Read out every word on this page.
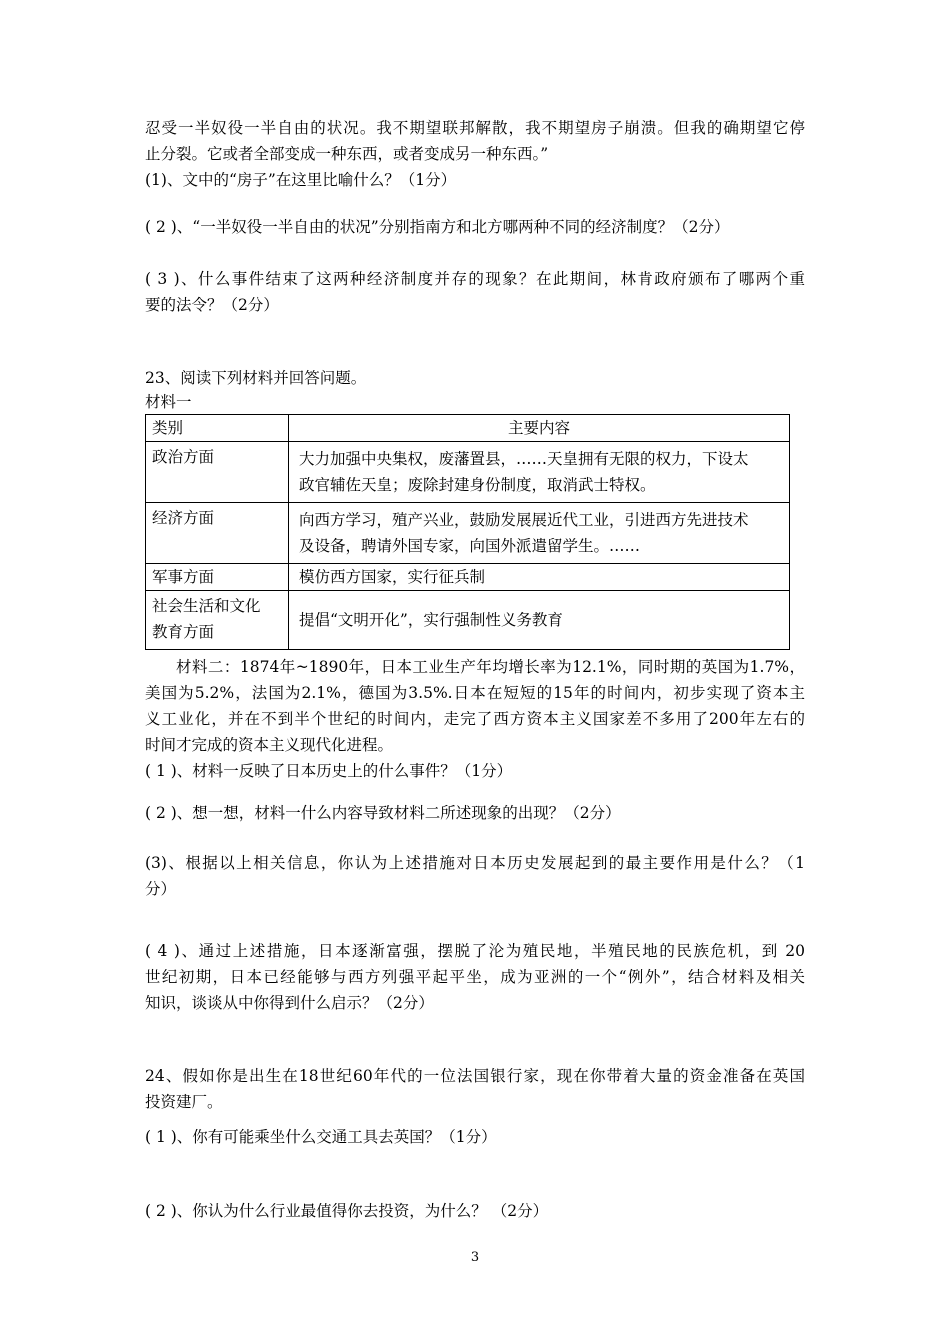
忍受一半奴役一半自由的状况。我不期望联邦解散，我不期望房子崩溃。但我的确期望它停
止分裂。它或者全部变成一种东西，或者变成另一种东西。”
(1)、文中的“房子”在这里比喻什么？（1分）
( 2 )、“一半奴役一半自由的状况”分别指南方和北方哪两种不同的经济制度？（2分）
( 3 )、什么事件结束了这两种经济制度并存的现象？在此期间，林肯政府颁布了哪两个重
要的法令？（2分）
23、阅读下列材料并回答问题。
材料一
类别	主要内容
政治方面	大力加强中央集权，废藩置县，……天皇拥有无限的权力，下设太
政官辅佐天皇；废除封建身份制度，取消武士特权。

经济方面	向西方学习，殖产兴业，鼓励发展展近代工业，引进西方先进技术
及设备，聘请外国专家，向国外派遣留学生。……

军事方面	模仿西方国家，实行征兵制

社会生活和文化
教育方面	提倡“文明开化”，实行强制性义务教育
材料二：1874年~1890年，日本工业生产年均增长率为12.1%，同时期的英国为1.7%，
美国为5.2%，法国为2.1%，德国为3.5%.日本在短短的15年的时间内，初步实现了资本主
义工业化，并在不到半个世纪的时间内，走完了西方资本主义国家差不多用了200年左右的
时间才完成的资本主义现代化进程。
( 1 )、材料一反映了日本历史上的什么事件？（1分）
( 2 )、想一想，材料一什么内容导致材料二所述现象的出现？（2分）
(3)、根据以上相关信息，你认为上述措施对日本历史发展起到的最主要作用是什么？（1
分）
( 4 )、通过上述措施，日本逐渐富强，摆脱了沦为殖民地，半殖民地的民族危机，到 20
世纪初期，日本已经能够与西方列强平起平坐，成为亚洲的一个“例外”，结合材料及相关
知识，谈谈从中你得到什么启示？（2分）
24、假如你是出生在18世纪60年代的一位法国银行家，现在你带着大量的资金准备在英国
投资建厂。
( 1 )、你有可能乘坐什么交通工具去英国？（1分）
( 2 )、你认为什么行业最值得你去投资，为什么？ （2分）
3
